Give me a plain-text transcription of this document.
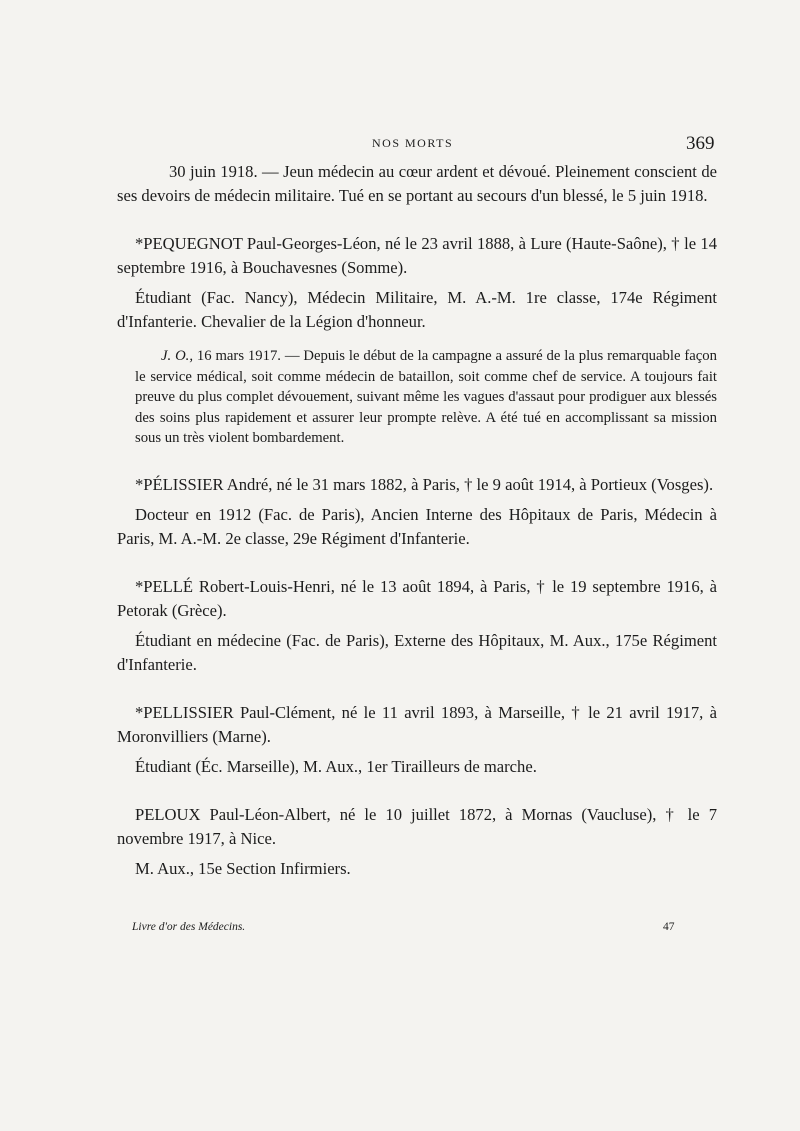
NOS MORTS	369

30 juin 1918. — Jeun médecin au cœur ardent et dévoué. Pleinement conscient de ses devoirs de médecin militaire. Tué en se portant au secours d'un blessé, le 5 juin 1918.

*PEQUEGNOT Paul-Georges-Léon, né le 23 avril 1888, à Lure (Haute-Saône), † le 14 septembre 1916, à Bouchavesnes (Somme).

Étudiant (Fac. Nancy), Médecin Militaire, M. A.-M. 1re classe, 174e Régiment d'Infanterie. Chevalier de la Légion d'honneur.

J. O., 16 mars 1917. — Depuis le début de la campagne a assuré de la plus remarquable façon le service médical, soit comme médecin de bataillon, soit comme chef de service. A toujours fait preuve du plus complet dévouement, suivant même les vagues d'assaut pour prodiguer aux blessés des soins plus rapidement et assurer leur prompte relève. A été tué en accomplissant sa mission sous un très violent bombardement.

*PÉLISSIER André, né le 31 mars 1882, à Paris, † le 9 août 1914, à Portieux (Vosges).

Docteur en 1912 (Fac. de Paris), Ancien Interne des Hôpitaux de Paris, Médecin à Paris, M. A.-M. 2e classe, 29e Régiment d'Infanterie.

*PELLÉ Robert-Louis-Henri, né le 13 août 1894, à Paris, † le 19 septembre 1916, à Petorak (Grèce).

Étudiant en médecine (Fac. de Paris), Externe des Hôpitaux, M. Aux., 175e Régiment d'Infanterie.

*PELLISSIER Paul-Clément, né le 11 avril 1893, à Marseille, † le 21 avril 1917, à Moronvilliers (Marne).

Étudiant (Éc. Marseille), M. Aux., 1er Tirailleurs de marche.

PELOUX Paul-Léon-Albert, né le 10 juillet 1872, à Mornas (Vaucluse), † le 7 novembre 1917, à Nice.

M. Aux., 15e Section Infirmiers.

Livre d'or des Médecins.	47
